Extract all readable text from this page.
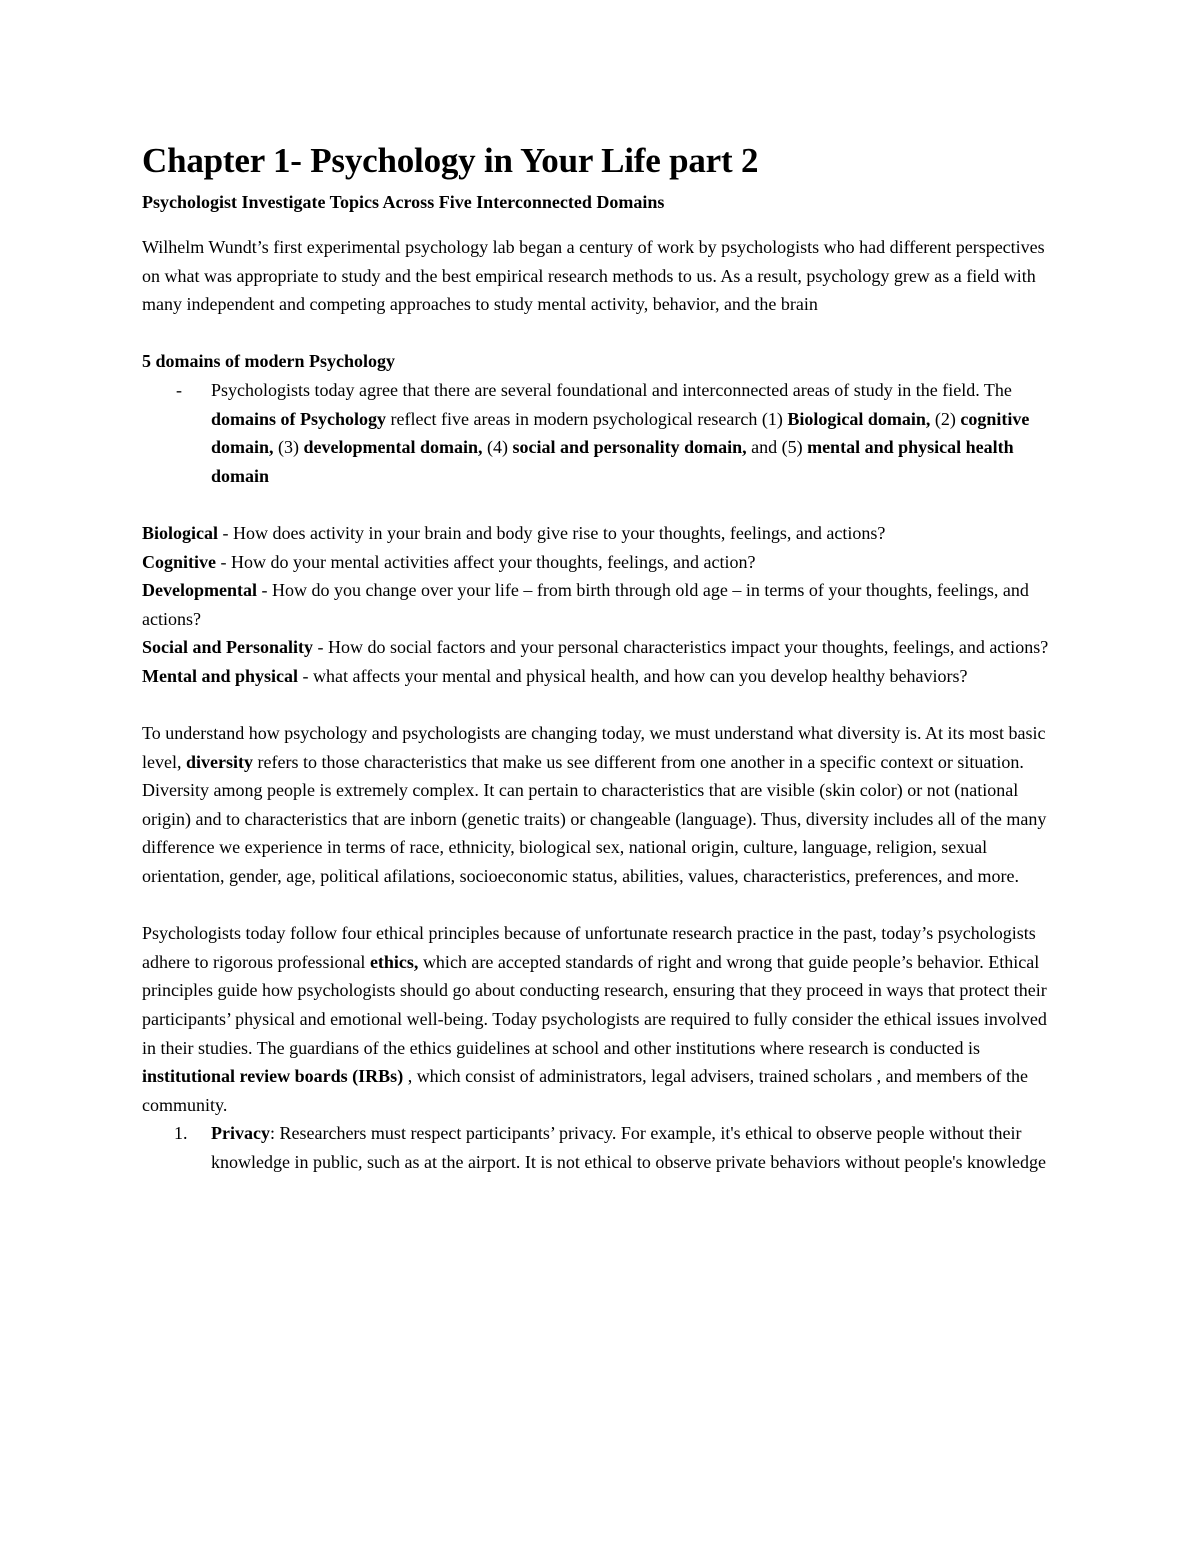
Chapter 1- Psychology in Your Life part 2

Psychologist Investigate Topics Across Five Interconnected Domains

Wilhelm Wundt’s first experimental psychology lab began a century of work by psychologists who had different perspectives on what was appropriate to study and the best empirical research methods to us. As a result, psychology grew as a field with many independent and competing approaches to study mental activity, behavior, and the brain

5 domains of modern Psychology

- Psychologists today agree that there are several foundational and interconnected areas of study in the field. The domains of Psychology reflect five areas in modern psychological research (1) Biological domain, (2) cognitive domain, (3) developmental domain, (4) social and personality domain, and (5) mental and physical health domain

Biological - How does activity in your brain and body give rise to your thoughts, feelings, and actions?

Cognitive - How do your mental activities affect your thoughts, feelings, and action?

Developmental - How do you change over your life – from birth through old age – in terms of your thoughts, feelings, and actions?

Social and Personality - How do social factors and your personal characteristics impact your thoughts, feelings, and actions?

Mental and physical - what affects your mental and physical health, and how can you develop healthy behaviors?

To understand how psychology and psychologists are changing today, we must understand what diversity is. At its most basic level, diversity refers to those characteristics that make us see different from one another in a specific context or situation. Diversity among people is extremely complex. It can pertain to characteristics that are visible (skin color) or not (national origin) and to characteristics that are inborn (genetic traits) or changeable (language). Thus, diversity includes all of the many difference we experience in terms of race, ethnicity, biological sex, national origin, culture, language, religion, sexual orientation, gender, age, political afilations, socioeconomic status, abilities, values, characteristics, preferences, and more.

Psychologists today follow four ethical principles because of unfortunate research practice in the past, today’s psychologists adhere to rigorous professional ethics, which are accepted standards of right and wrong that guide people’s behavior. Ethical principles guide how psychologists should go about conducting research, ensuring that they proceed in ways that protect their participants’ physical and emotional well-being. Today psychologists are required to fully consider the ethical issues involved in their studies. The guardians of the ethics guidelines at school and other institutions where research is conducted is institutional review boards (IRBs) , which consist of administrators, legal advisers, trained scholars , and members of the community.

1. Privacy: Researchers must respect participants’ privacy. For example, it's ethical to observe people without their knowledge in public, such as at the airport. It is not ethical to observe private behaviors without people's knowledge
